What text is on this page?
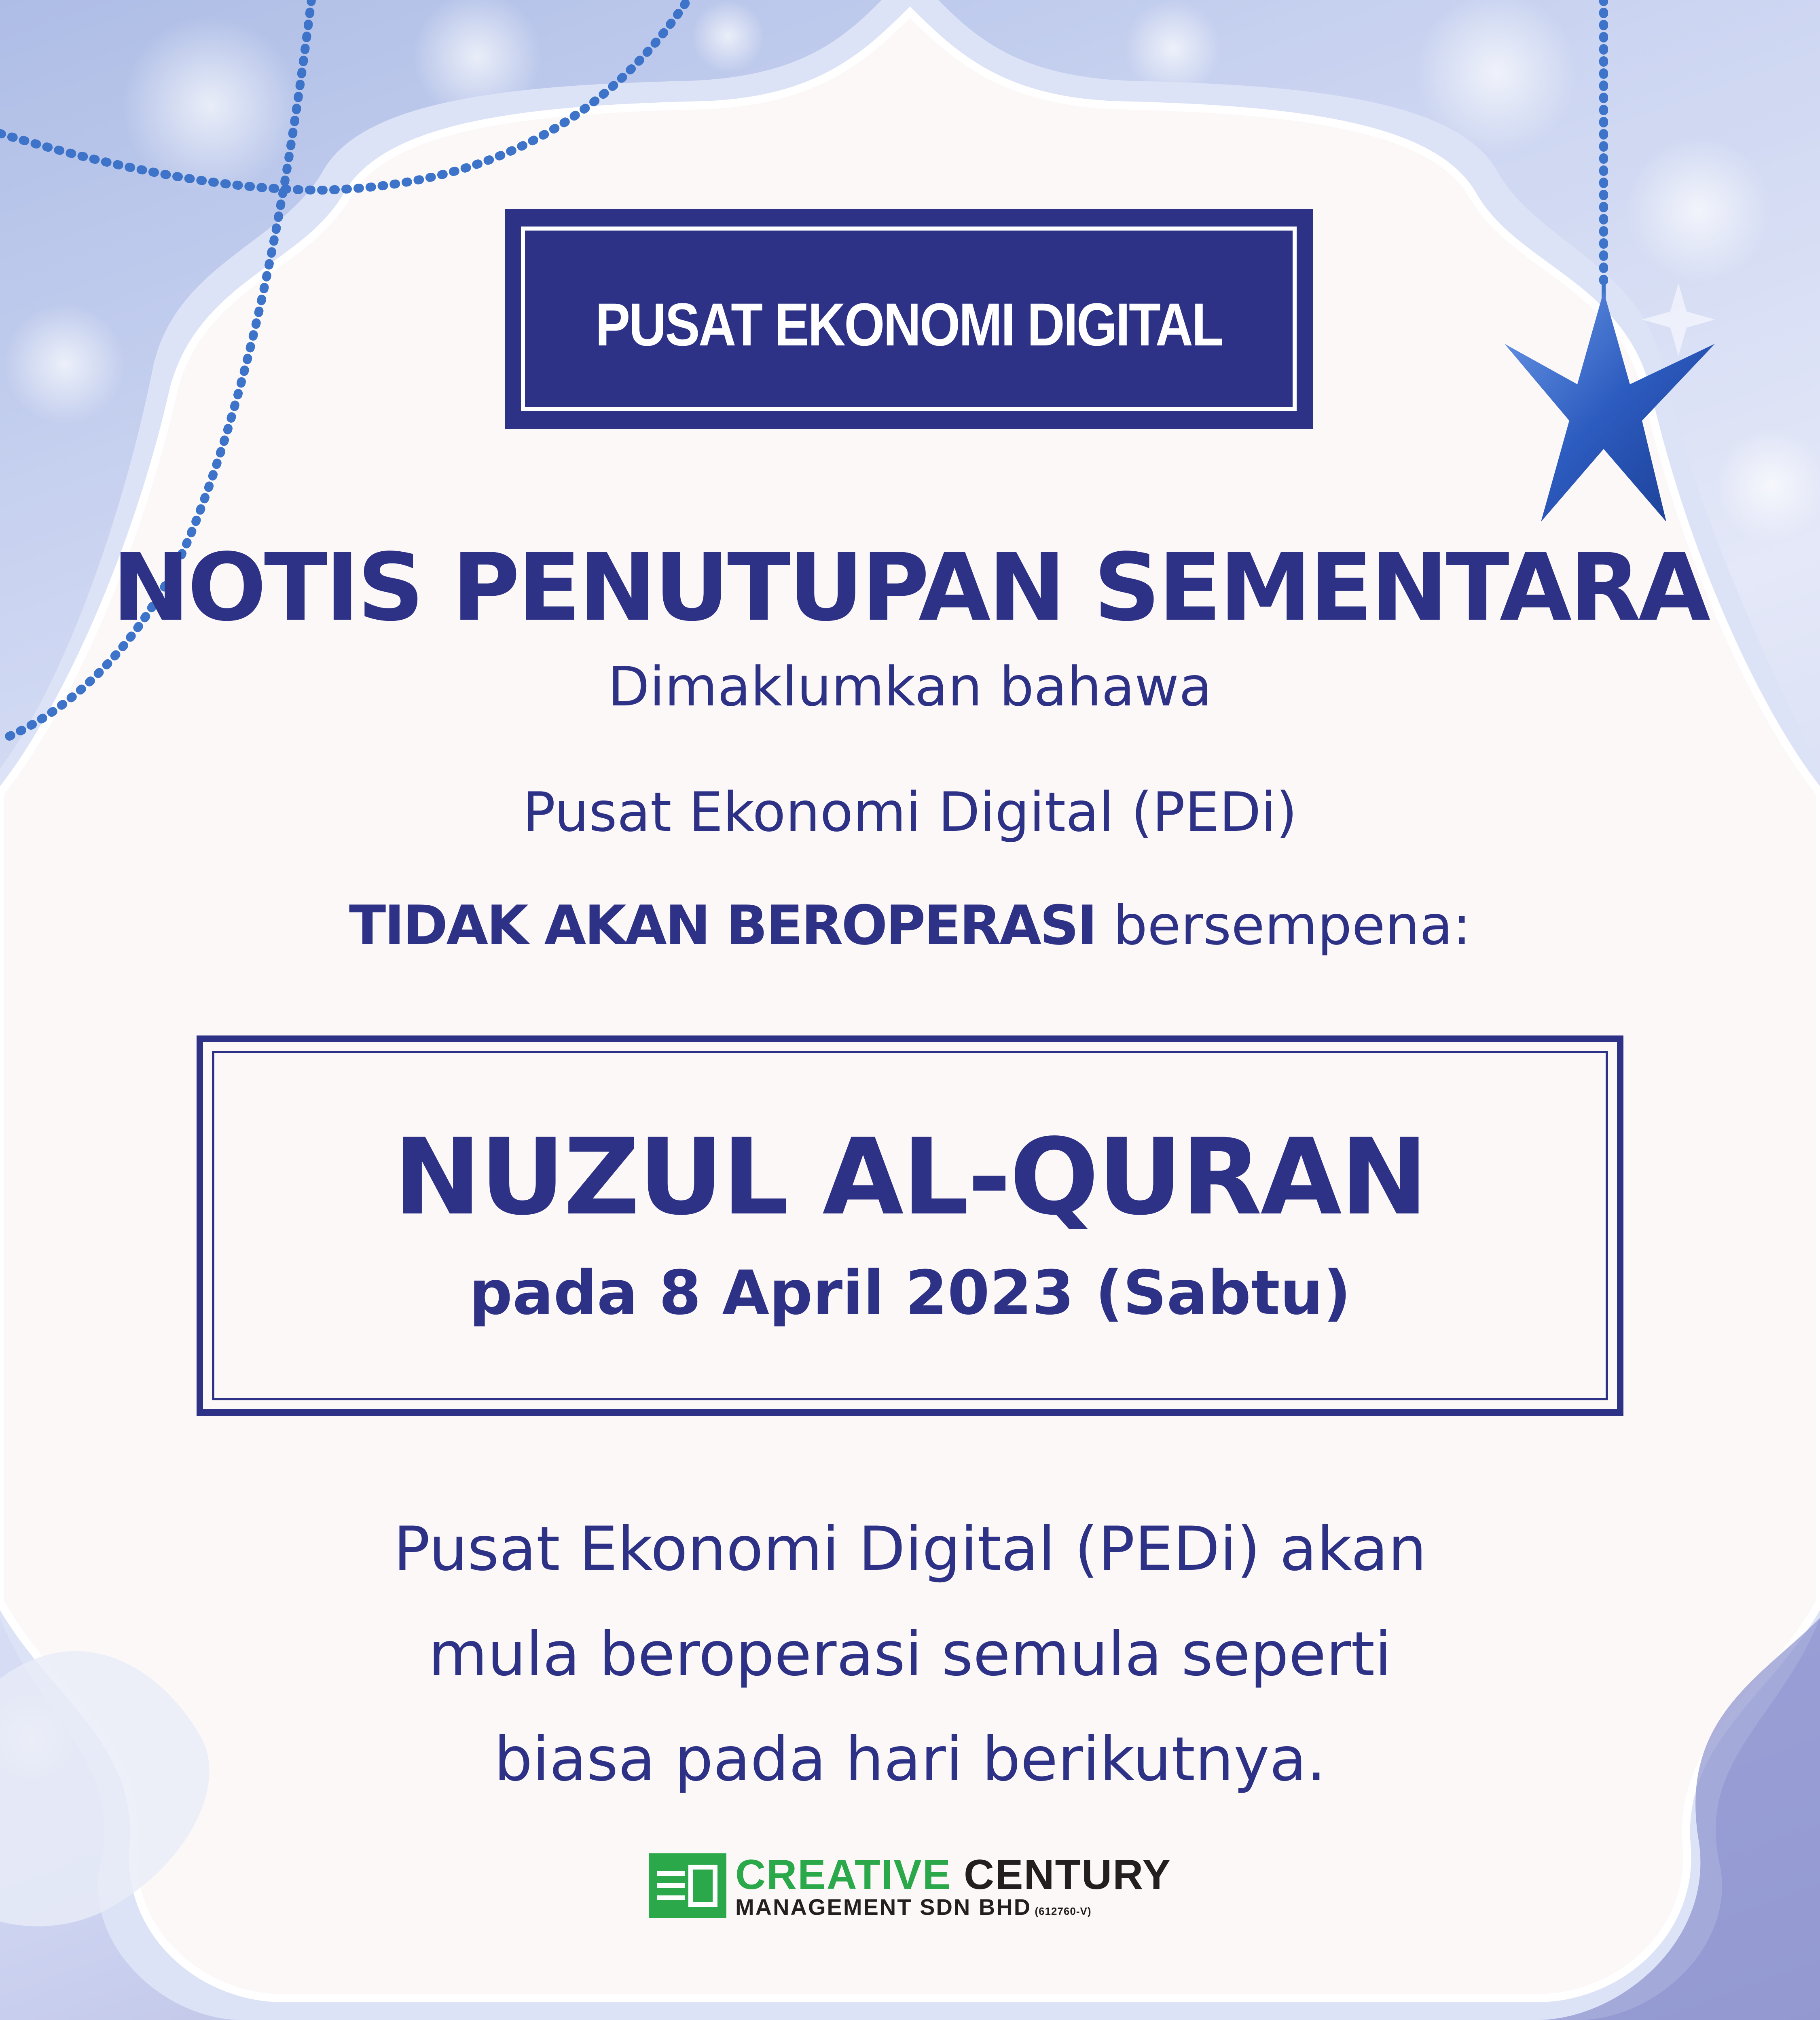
PUSAT EKONOMI DIGITAL
NOTIS PENUTUPAN SEMENTARA
Dimaklumkan bahawa
Pusat Ekonomi Digital (PEDi)
TIDAK AKAN BEROPERASI bersempena:
NUZUL AL-QURAN
pada 8 April 2023 (Sabtu)
Pusat Ekonomi Digital (PEDi) akan
mula beroperasi semula seperti
biasa pada hari berikutnya.
CREATIVE CENTURY
MANAGEMENT SDN BHD (612760-V)
